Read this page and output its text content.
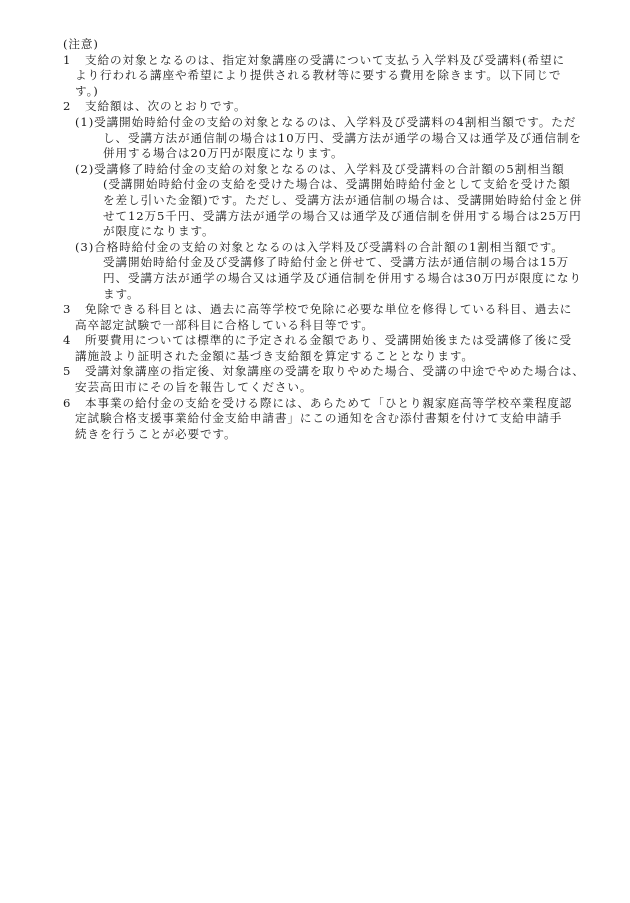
(注意)
1 支給の対象となるのは、指定対象講座の受講について支払う入学料及び受講料(希望に
より行われる講座や希望により提供される教材等に要する費用を除きます。以下同じで
す。)
2 支給額は、次のとおりです。
(1)受講開始時給付金の支給の対象となるのは、入学料及び受講料の4割相当額です。ただ
し、受講方法が通信制の場合は10万円、受講方法が通学の場合又は通学及び通信制を
併用する場合は20万円が限度になります。
(2)受講修了時給付金の支給の対象となるのは、入学料及び受講料の合計額の5割相当額
(受講開始時給付金の支給を受けた場合は、受講開始時給付金として支給を受けた額
を差し引いた金額)です。ただし、受講方法が通信制の場合は、受講開始時給付金と併
せて12万5千円、受講方法が通学の場合又は通学及び通信制を併用する場合は25万円
が限度になります。
(3)合格時給付金の支給の対象となるのは入学料及び受講料の合計額の1割相当額です。
受講開始時給付金及び受講修了時給付金と併せて、受講方法が通信制の場合は15万
円、受講方法が通学の場合又は通学及び通信制を併用する場合は30万円が限度になり
ます。
3 免除できる科目とは、過去に高等学校で免除に必要な単位を修得している科目、過去に
高卒認定試験で一部科目に合格している科目等です。
4 所要費用については標準的に予定される金額であり、受講開始後または受講修了後に受
講施設より証明された金額に基づき支給額を算定することとなります。
5 受講対象講座の指定後、対象講座の受講を取りやめた場合、受講の中途でやめた場合は、
安芸高田市にその旨を報告してください。
6 本事業の給付金の支給を受ける際には、あらためて「ひとり親家庭高等学校卒業程度認
定試験合格支援事業給付金支給申請書」にこの通知を含む添付書類を付けて支給申請手
続きを行うことが必要です。
